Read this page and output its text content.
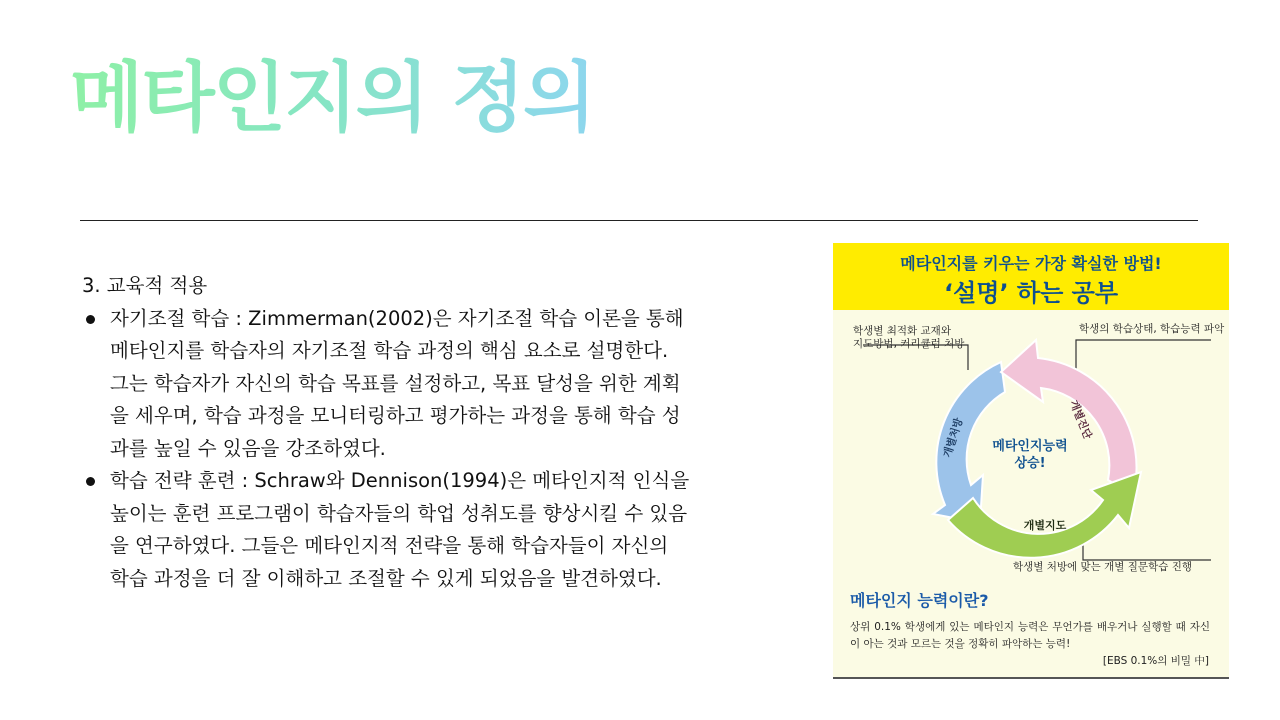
메타인지의 정의
3. 교육적 적용
자기조절 학습 : Zimmerman(2002)은 자기조절 학습 이론을 통해
메타인지를 학습자의 자기조절 학습 과정의 핵심 요소로 설명한다.
그는 학습자가 자신의 학습 목표를 설정하고, 목표 달성을 위한 계획
을 세우며, 학습 과정을 모니터링하고 평가하는 과정을 통해 학습 성
과를 높일 수 있음을 강조하였다.
학습 전략 훈련 : Schraw와 Dennison(1994)은 메타인지적 인식을
높이는 훈련 프로그램이 학습자들의 학업 성취도를 향상시킬 수 있음
을 연구하였다. 그들은 메타인지적 전략을 통해 학습자들이 자신의
학습 과정을 더 잘 이해하고 조절할 수 있게 되었음을 발견하였다.
메타인지를 키우는 가장 확실한 방법!
‘설명’ 하는 공부
개별처방	개별진단
개별지도
메타인지능력
상승!
학생별 최적화 교재와
지도방법, 커리큘럼 처방
학생의 학습상태, 학습능력 파악
학생별 처방에 맞는 개별 질문학습 진행
메타인지 능력이란?
상위 0.1% 학생에게 있는 메타인지 능력은 무언가를 배우거나 실행할 때 자신이 아는 것과 모르는 것을 정확히 파악하는 능력!
[EBS 0.1%의 비밀 中]
